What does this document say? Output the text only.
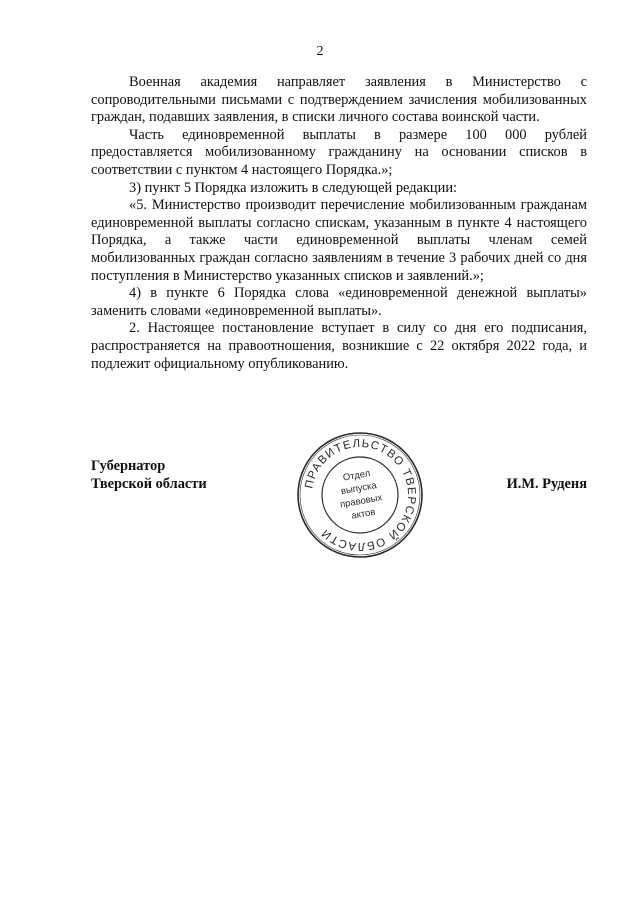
2

Военная академия направляет заявления в Министерство с сопроводительными письмами с подтверждением зачисления мобилизованных граждан, подавших заявления, в списки личного состава воинской части.

Часть единовременной выплаты в размере 100 000 рублей предоставляется мобилизованному гражданину на основании списков в соответствии с пунктом 4 настоящего Порядка.»;

3) пункт 5 Порядка изложить в следующей редакции:

«5. Министерство производит перечисление мобилизованным гражданам единовременной выплаты согласно спискам, указанным в пункте 4 настоящего Порядка, а также части единовременной выплаты членам семей мобилизованных граждан согласно заявлениям в течение 3 рабочих дней со дня поступления в Министерство указанных списков и заявлений.»;

4) в пункте 6 Порядка слова «единовременной денежной выплаты» заменить словами «единовременной выплаты».

2. Настоящее постановление вступает в силу со дня его подписания, распространяется на правоотношения, возникшие с 22 октября 2022 года, и подлежит официальному опубликованию.

Губернатор
Тверской области	И.М. Руденя
ПРАВИТЕЛЬСТВО ТВЕРСКОЙ ОБЛАСТИ
Отдел
выпуска
правовых
актов
